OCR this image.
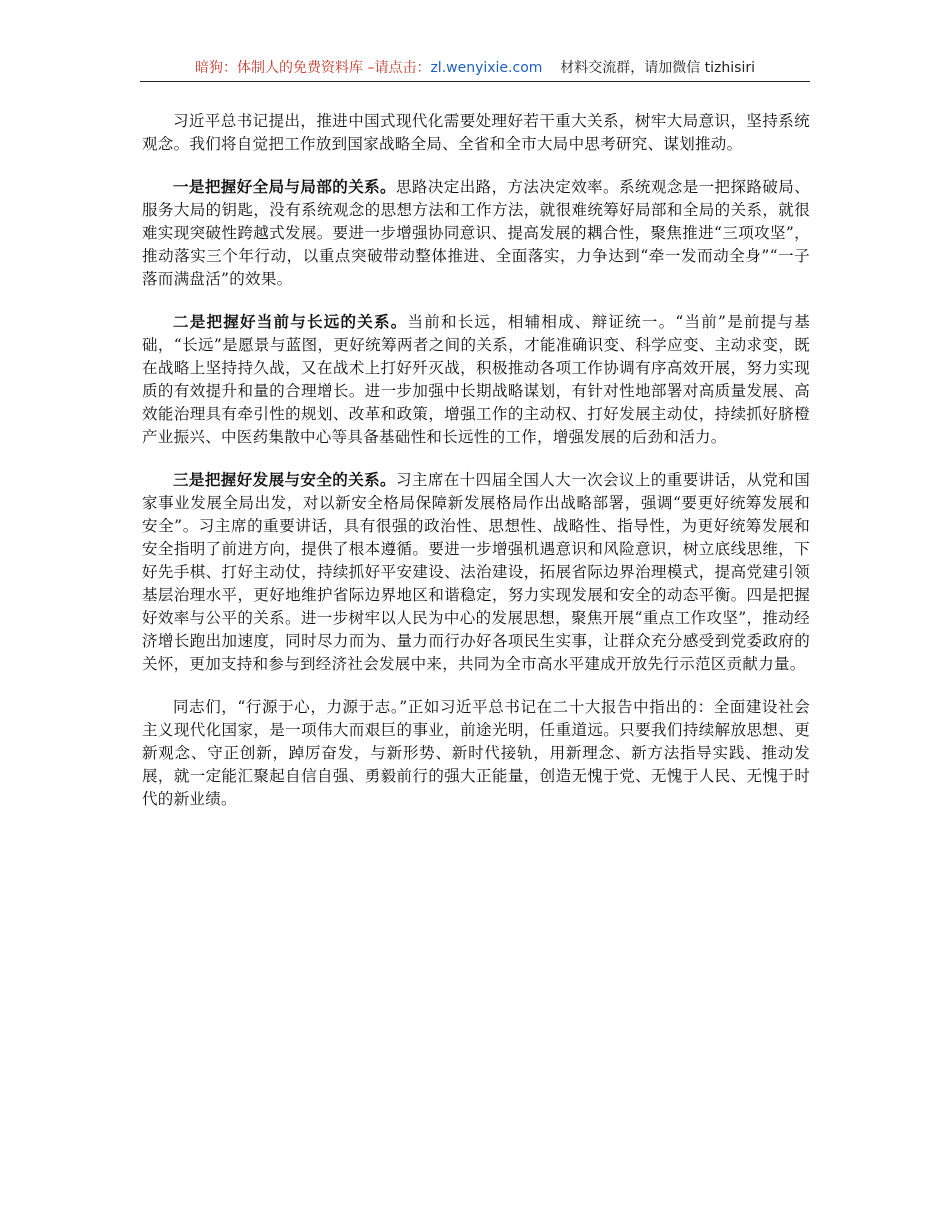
暗狗：体制人的免费资料库 –请点击：zl.wenyixie.com 材料交流群，请加微信 tizhisiri

习近平总书记提出，推进中国式现代化需要处理好若干重大关系，树牢大局意识，坚持系统观念。我们将自觉把工作放到国家战略全局、全省和全市大局中思考研究、谋划推动。

一是把握好全局与局部的关系。思路决定出路，方法决定效率。系统观念是一把探路破局、服务大局的钥匙，没有系统观念的思想方法和工作方法，就很难统筹好局部和全局的关系，就很难实现突破性跨越式发展。要进一步增强协同意识、提高发展的耦合性，聚焦推进“三项攻坚”，推动落实三个年行动，以重点突破带动整体推进、全面落实，力争达到“牵一发而动全身”“一子落而满盘活”的效果。

二是把握好当前与长远的关系。当前和长远，相辅相成、辩证统一。“当前”是前提与基础，“长远”是愿景与蓝图，更好统筹两者之间的关系，才能准确识变、科学应变、主动求变，既在战略上坚持持久战，又在战术上打好歼灭战，积极推动各项工作协调有序高效开展，努力实现质的有效提升和量的合理增长。进一步加强中长期战略谋划，有针对性地部署对高质量发展、高效能治理具有牵引性的规划、改革和政策，增强工作的主动权、打好发展主动仗，持续抓好脐橙产业振兴、中医药集散中心等具备基础性和长远性的工作，增强发展的后劲和活力。

三是把握好发展与安全的关系。习主席在十四届全国人大一次会议上的重要讲话，从党和国家事业发展全局出发，对以新安全格局保障新发展格局作出战略部署，强调“要更好统筹发展和安全”。习主席的重要讲话，具有很强的政治性、思想性、战略性、指导性，为更好统筹发展和安全指明了前进方向，提供了根本遵循。要进一步增强机遇意识和风险意识，树立底线思维，下好先手棋、打好主动仗，持续抓好平安建设、法治建设，拓展省际边界治理模式，提高党建引领基层治理水平，更好地维护省际边界地区和谐稳定，努力实现发展和安全的动态平衡。四是把握好效率与公平的关系。进一步树牢以人民为中心的发展思想，聚焦开展“重点工作攻坚”，推动经济增长跑出加速度，同时尽力而为、量力而行办好各项民生实事，让群众充分感受到党委政府的关怀，更加支持和参与到经济社会发展中来，共同为全市高水平建成开放先行示范区贡献力量。

同志们，“行源于心，力源于志。”正如习近平总书记在二十大报告中指出的：全面建设社会主义现代化国家，是一项伟大而艰巨的事业，前途光明，任重道远。只要我们持续解放思想、更新观念、守正创新，踔厉奋发，与新形势、新时代接轨，用新理念、新方法指导实践、推动发展，就一定能汇聚起自信自强、勇毅前行的强大正能量，创造无愧于党、无愧于人民、无愧于时代的新业绩。
